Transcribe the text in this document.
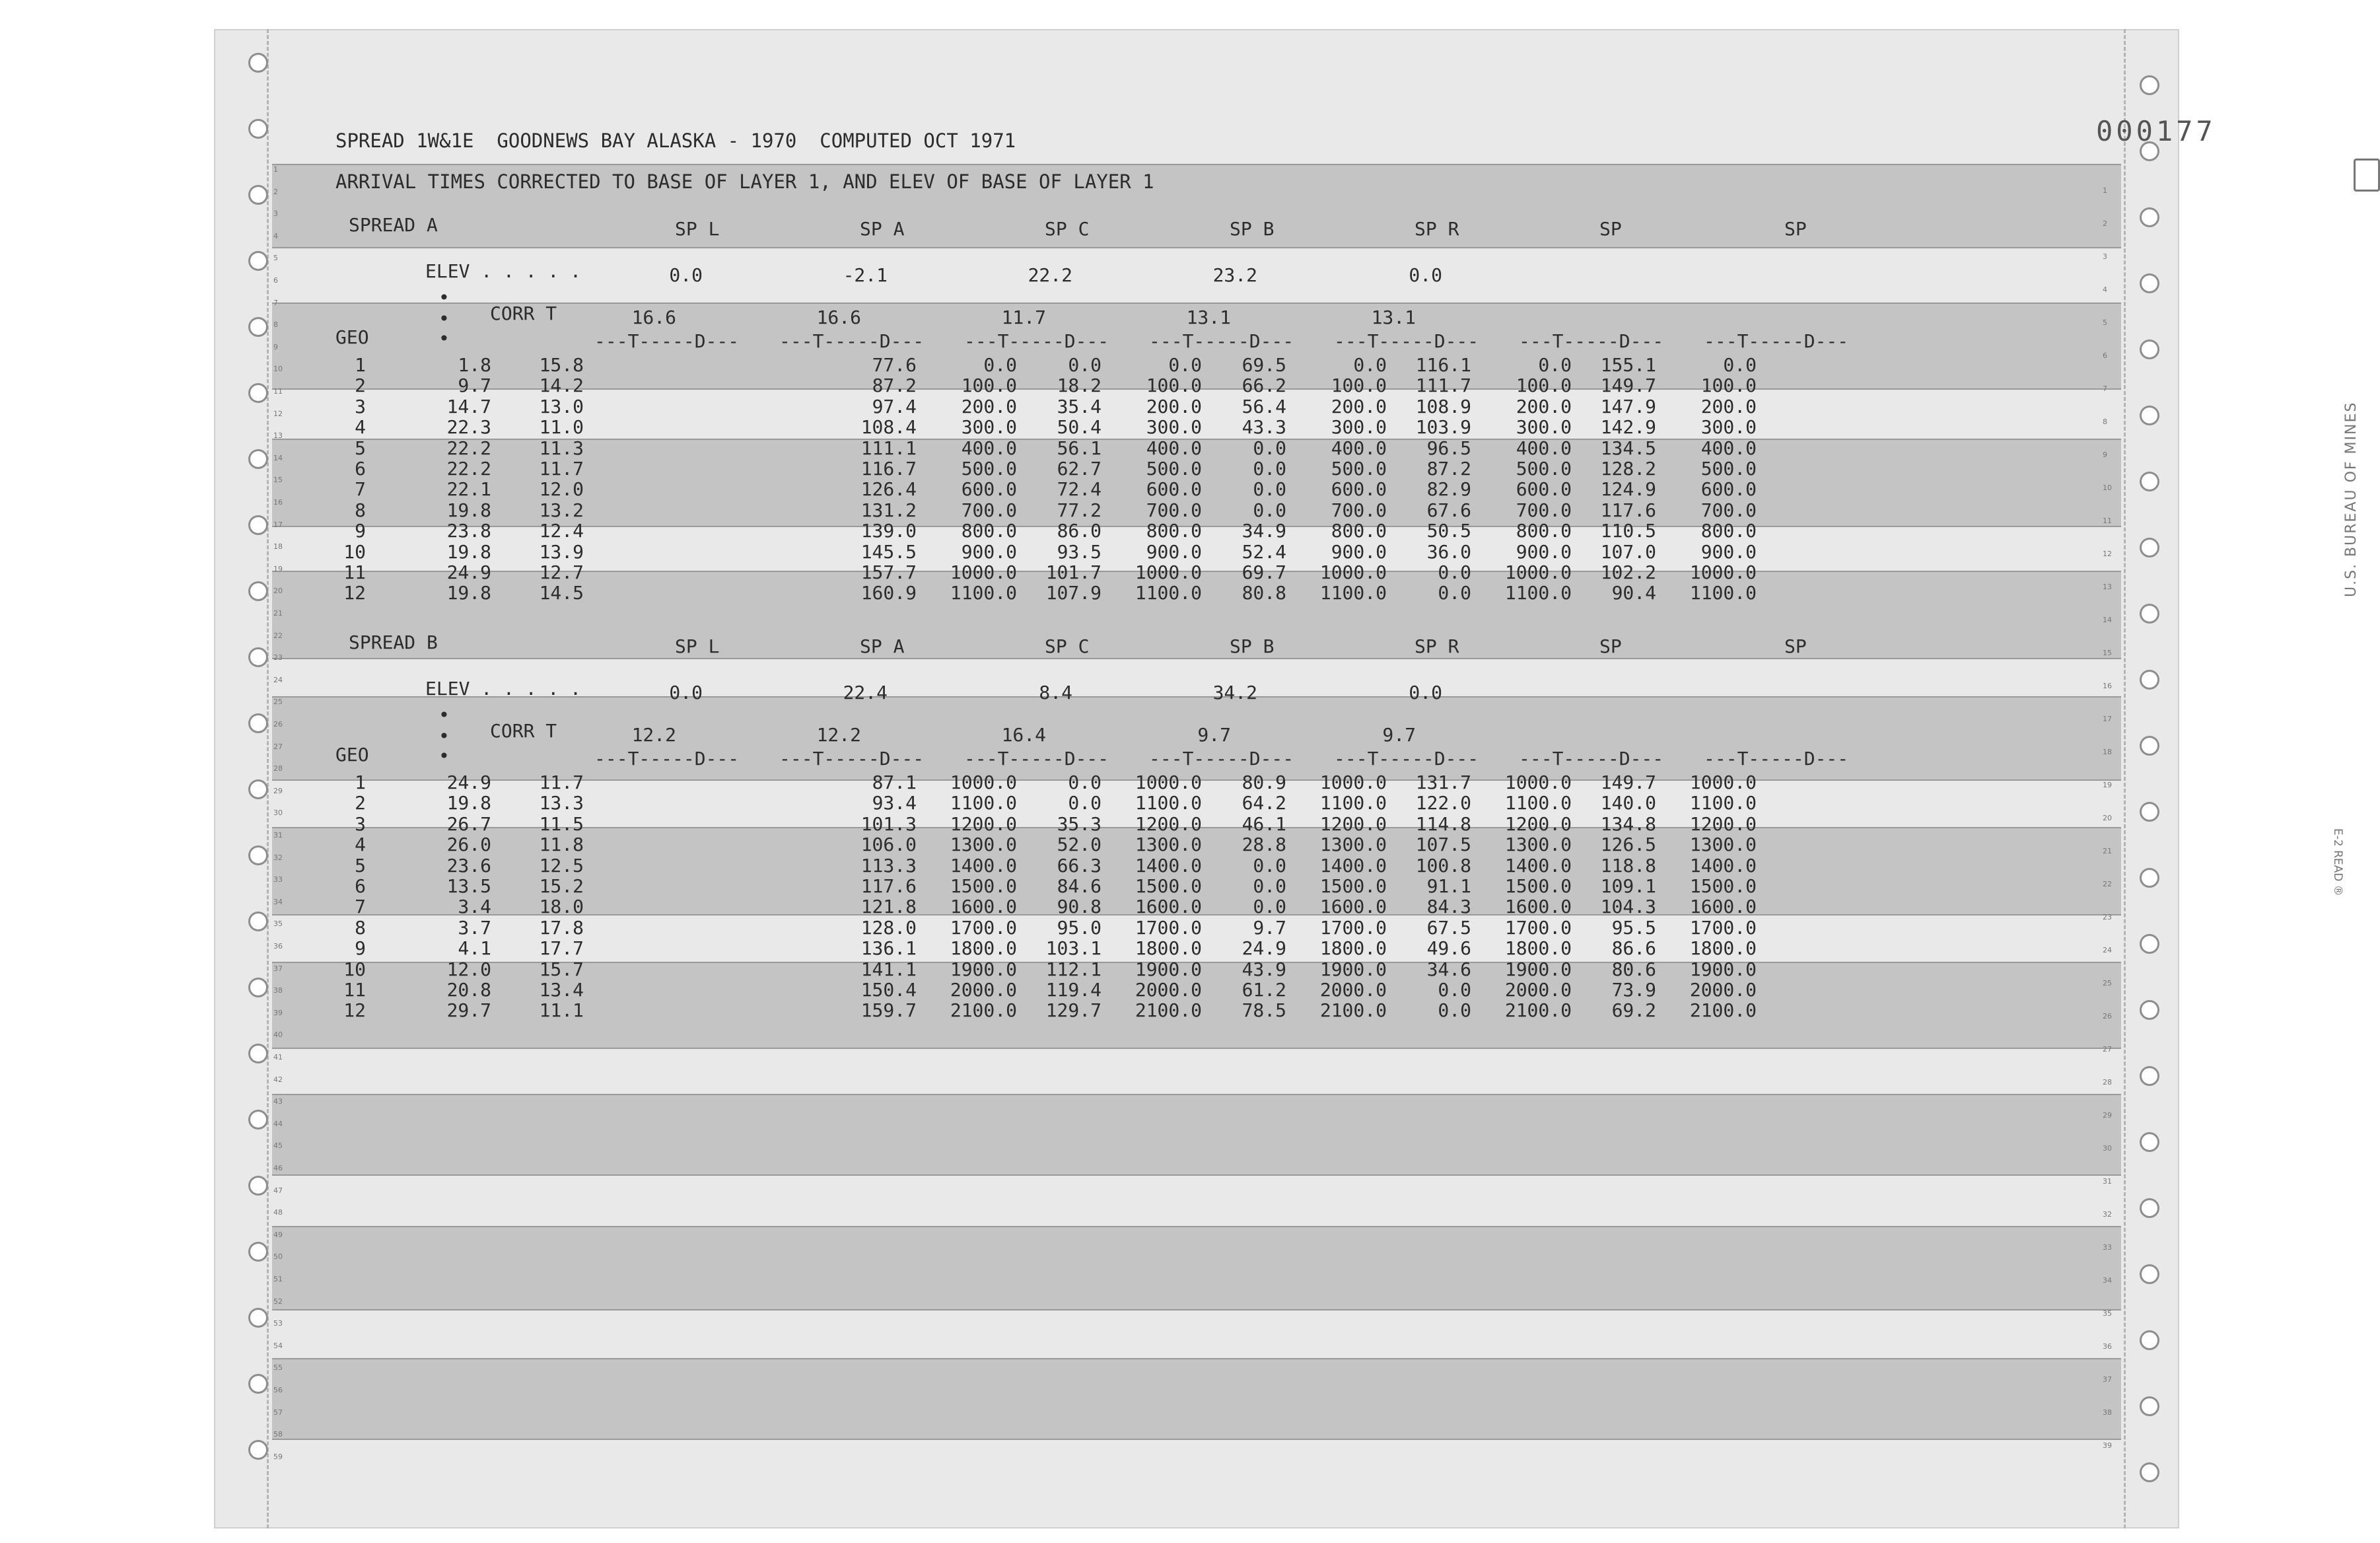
1
2
3
4
5
6
7
8
9
10
11
12
13
14
15
16
17
18
19
20
21
22
23
24
25
26
27
28
29
30
31
32
33
34
35
36
37
38
39
40
41
42
43
44
45
46
47
48
49
50
51
52
53
54
55
56
57
58
59
1
2
3
4
5
6
7
8
9
10
11
12
13
14
15
16
17
18
19
20
21
22
23
24
25
26
27
28
29
30
31
32
33
34
35
36
37
38
39
000177
U.S. BUREAU OF MINES
E-2 READ ®
SPREAD 1W&1E  GOODNEWS BAY ALASKA - 1970  COMPUTED OCT 1971
ARRIVAL TIMES CORRECTED TO BASE OF LAYER 1, AND ELEV OF BASE OF LAYER 1
SPREAD A	SP L	SP A	SP C	SP B	SP R	SP	SP
ELEV . . . . .	0.0	-2.1	22.2	23.2	0.0
•
•
•
CORR T	16.6	16.6	11.7	13.1	13.1
GEO	---T-----D--- ---T-----D--- ---T-----D--- ---T-----D--- ---T-----D--- ---T-----D--- ---T-----D---
1	1.8	15.8	77.6	0.0	0.0	0.0	69.5	0.0	116.1	0.0	155.1	0.0
2	9.7	14.2	87.2	100.0	18.2	100.0	66.2	100.0	111.7	100.0	149.7	100.0
3	14.7	13.0	97.4	200.0	35.4	200.0	56.4	200.0	108.9	200.0	147.9	200.0
4	22.3	11.0	108.4	300.0	50.4	300.0	43.3	300.0	103.9	300.0	142.9	300.0
5	22.2	11.3	111.1	400.0	56.1	400.0	0.0	400.0	96.5	400.0	134.5	400.0
6	22.2	11.7	116.7	500.0	62.7	500.0	0.0	500.0	87.2	500.0	128.2	500.0
7	22.1	12.0	126.4	600.0	72.4	600.0	0.0	600.0	82.9	600.0	124.9	600.0
8	19.8	13.2	131.2	700.0	77.2	700.0	0.0	700.0	67.6	700.0	117.6	700.0
9	23.8	12.4	139.0	800.0	86.0	800.0	34.9	800.0	50.5	800.0	110.5	800.0
10	19.8	13.9	145.5	900.0	93.5	900.0	52.4	900.0	36.0	900.0	107.0	900.0
11	24.9	12.7	157.7	1000.0	101.7	1000.0	69.7	1000.0	0.0	1000.0	102.2	1000.0
12	19.8	14.5	160.9	1100.0	107.9	1100.0	80.8	1100.0	0.0	1100.0	90.4	1100.0
SPREAD B	SP L	SP A	SP C	SP B	SP R	SP	SP
ELEV . . . . .	0.0	22.4	8.4	34.2	0.0
•
•
•
CORR T	12.2	12.2	16.4	9.7	9.7
GEO	---T-----D--- ---T-----D--- ---T-----D--- ---T-----D--- ---T-----D--- ---T-----D--- ---T-----D---
1	24.9	11.7	87.1	1000.0	0.0	1000.0	80.9	1000.0	131.7	1000.0	149.7	1000.0
2	19.8	13.3	93.4	1100.0	0.0	1100.0	64.2	1100.0	122.0	1100.0	140.0	1100.0
3	26.7	11.5	101.3	1200.0	35.3	1200.0	46.1	1200.0	114.8	1200.0	134.8	1200.0
4	26.0	11.8	106.0	1300.0	52.0	1300.0	28.8	1300.0	107.5	1300.0	126.5	1300.0
5	23.6	12.5	113.3	1400.0	66.3	1400.0	0.0	1400.0	100.8	1400.0	118.8	1400.0
6	13.5	15.2	117.6	1500.0	84.6	1500.0	0.0	1500.0	91.1	1500.0	109.1	1500.0
7	3.4	18.0	121.8	1600.0	90.8	1600.0	0.0	1600.0	84.3	1600.0	104.3	1600.0
8	3.7	17.8	128.0	1700.0	95.0	1700.0	9.7	1700.0	67.5	1700.0	95.5	1700.0
9	4.1	17.7	136.1	1800.0	103.1	1800.0	24.9	1800.0	49.6	1800.0	86.6	1800.0
10	12.0	15.7	141.1	1900.0	112.1	1900.0	43.9	1900.0	34.6	1900.0	80.6	1900.0
11	20.8	13.4	150.4	2000.0	119.4	2000.0	61.2	2000.0	0.0	2000.0	73.9	2000.0
12	29.7	11.1	159.7	2100.0	129.7	2100.0	78.5	2100.0	0.0	2100.0	69.2	2100.0
